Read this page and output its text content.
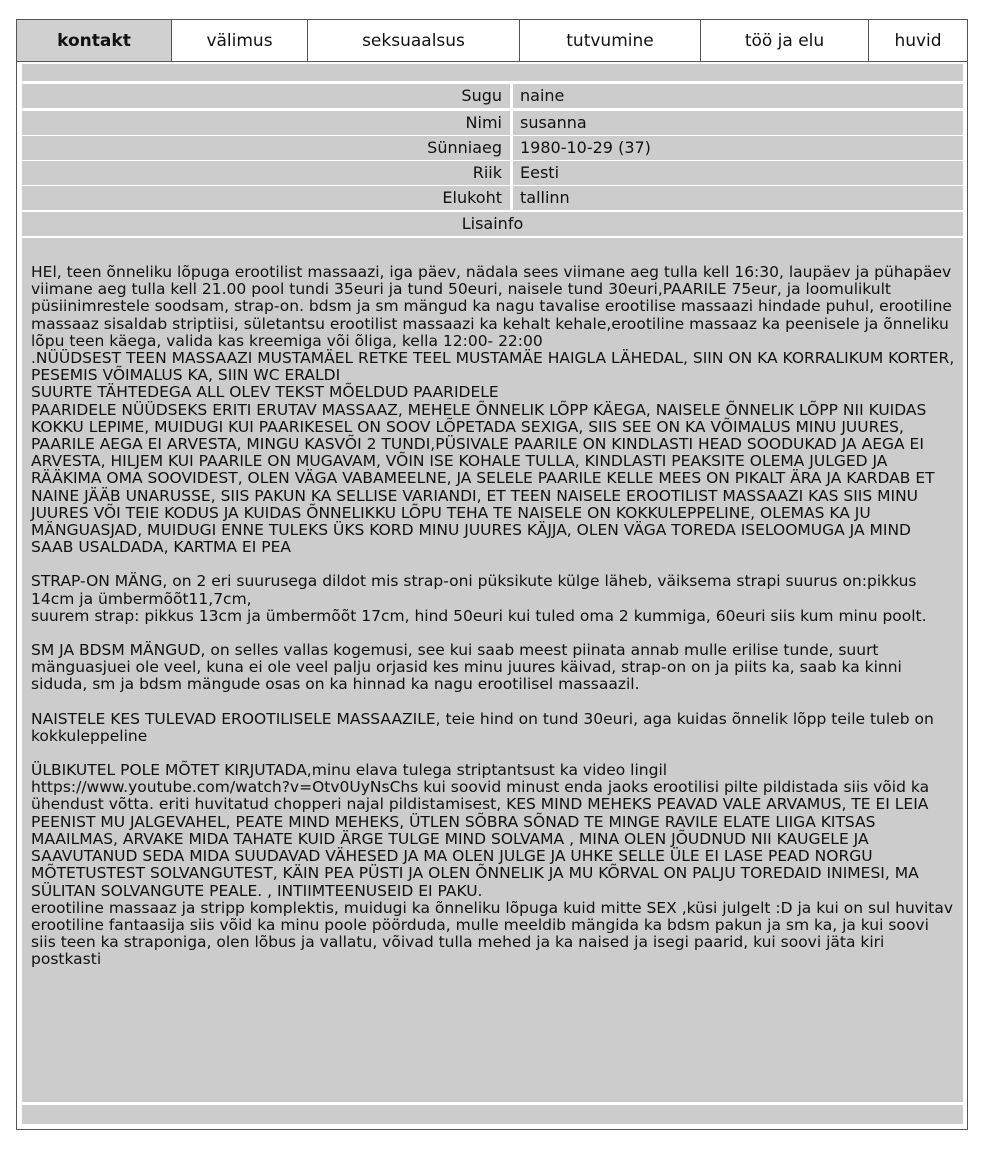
kontakt	välimus	seksuaalsus	tutvumine	töö ja elu	huvid
Sugu	naine
Nimi	susanna
Sünniaeg	1980-10-29 (37)
Riik	Eesti
Elukoht	tallinn
Lisainfo

HEl, teen õnneliku lõpuga erootilist massaazi, iga päev, nädala sees viimane aeg tulla kell 16:30, laupäev ja pühapäev viimane aeg tulla kell 21.00 pool tundi 35euri ja tund 50euri, naisele tund 30euri,PAARILE 75eur, ja loomulikult püsiinimrestele soodsam, strap-on. bdsm ja sm mängud ka nagu tavalise erootilise massaazi hindade puhul, erootiline massaaz sisaldab striptiisi, sületantsu erootilist massaazi ka kehalt kehale,erootiline massaaz ka peenisele ja õnneliku lõpu teen käega, valida kas kreemiga või õliga, kella 12:00- 22:00
.NÜÜDSEST TEEN MASSAAZI MUSTAMÄEL RETKE TEEL MUSTAMÄE HAIGLA LÄHEDAL, SIIN ON KA KORRALIKUM KORTER, PESEMIS VÕIMALUS KA, SIIN WC ERALDI
SUURTE TÄHTEDEGA ALL OLEV TEKST MÕELDUD PAARIDELE
PAARIDELE NÜÜDSEKS ERITI ERUTAV MASSAAZ, MEHELE ÕNNELIK LÕPP KÄEGA, NAISELE ÕNNELIK LÕPP NII KUIDAS KOKKU LEPIME, MUIDUGI KUI PAARIKESEL ON SOOV LÕPETADA SEXIGA, SIIS SEE ON KA VÕIMALUS MINU JUURES, PAARILE AEGA EI ARVESTA, MINGU KASVÕI 2 TUNDI,PÜSIVALE PAARILE ON KINDLASTI HEAD SOODUKAD JA AEGA EI ARVESTA, HILJEM KUI PAARILE ON MUGAVAM, VÕIN ISE KOHALE TULLA, KINDLASTI PEAKSITE OLEMA JULGED JA RÄÄKIMA OMA SOOVIDEST, OLEN VÄGA VABAMEELNE, JA SELELE PAARILE KELLE MEES ON PIKALT ÄRA JA KARDAB ET NAINE JÄÄB UNARUSSE, SIIS PAKUN KA SELLISE VARIANDI, ET TEEN NAISELE EROOTILIST MASSAAZI KAS SIIS MINU JUURES VÕI TEIE KODUS JA KUIDAS ÕNNELIKKU LÕPU TEHA TE NAISELE ON KOKKULEPPELINE, OLEMAS KA JU MÄNGUASJAD, MUIDUGI ENNE TULEKS ÜKS KORD MINU JUURES KÄJJA, OLEN VÄGA TOREDA ISELOOMUGA JA MIND SAAB USALDADA, KARTMA EI PEA

STRAP-ON MÄNG, on 2 eri suurusega dildot mis strap-oni püksikute külge läheb, väiksema strapi suurus on:pikkus 14cm ja ümbermõõt11,7cm,
suurem strap: pikkus 13cm ja ümbermõõt 17cm, hind 50euri kui tuled oma 2 kummiga, 60euri siis kum minu poolt.

SM JA BDSM MÄNGUD, on selles vallas kogemusi, see kui saab meest piinata annab mulle erilise tunde, suurt mänguasjuei ole veel, kuna ei ole veel palju orjasid kes minu juures käivad, strap-on on ja piits ka, saab ka kinni siduda, sm ja bdsm mängude osas on ka hinnad ka nagu erootilisel massaazil.

NAISTELE KES TULEVAD EROOTILISELE MASSAAZILE, teie hind on tund 30euri, aga kuidas õnnelik lõpp teile tuleb on kokkuleppeline

ÜLBIKUTEL POLE MÕTET KIRJUTADA,minu elava tulega striptantsust ka video lingil
https://www.youtube.com/watch?v=Otv0UyNsChs kui soovid minust enda jaoks erootilisi pilte pildistada siis võid ka ühendust võtta. eriti huvitatud chopperi najal pildistamisest, KES MIND MEHEKS PEAVAD VALE ARVAMUS, TE EI LEIA PEENIST MU JALGEVAHEL, PEATE MIND MEHEKS, ÜTLEN SÕBRA SÕNAD TE MINGE RAVILE ELATE LIIGA KITSAS MAAILMAS, ARVAKE MIDA TAHATE KUID ÄRGE TULGE MIND SOLVAMA , MINA OLEN JÕUDNUD NII KAUGELE JA SAAVUTANUD SEDA MIDA SUUDAVAD VÄHESED JA MA OLEN JULGE JA UHKE SELLE ÜLE EI LASE PEAD NORGU MÕTETUSTEST SOLVANGUTEST, KÄIN PEA PÜSTI JA OLEN ÕNNELIK JA MU KÕRVAL ON PALJU TOREDAID INIMESI, MA SÜLITAN SOLVANGUTE PEALE. , INTIIMTEENUSEID EI PAKU.
erootiline massaaz ja stripp komplektis, muidugi ka õnneliku lõpuga kuid mitte SEX ,küsi julgelt :D ja kui on sul huvitav erootiline fantaasija siis võid ka minu poole pöörduda, mulle meeldib mängida ka bdsm pakun ja sm ka, ja kui soovi siis teen ka straponiga, olen lõbus ja vallatu, võivad tulla mehed ja ka naised ja isegi paarid, kui soovi jäta kiri postkasti
